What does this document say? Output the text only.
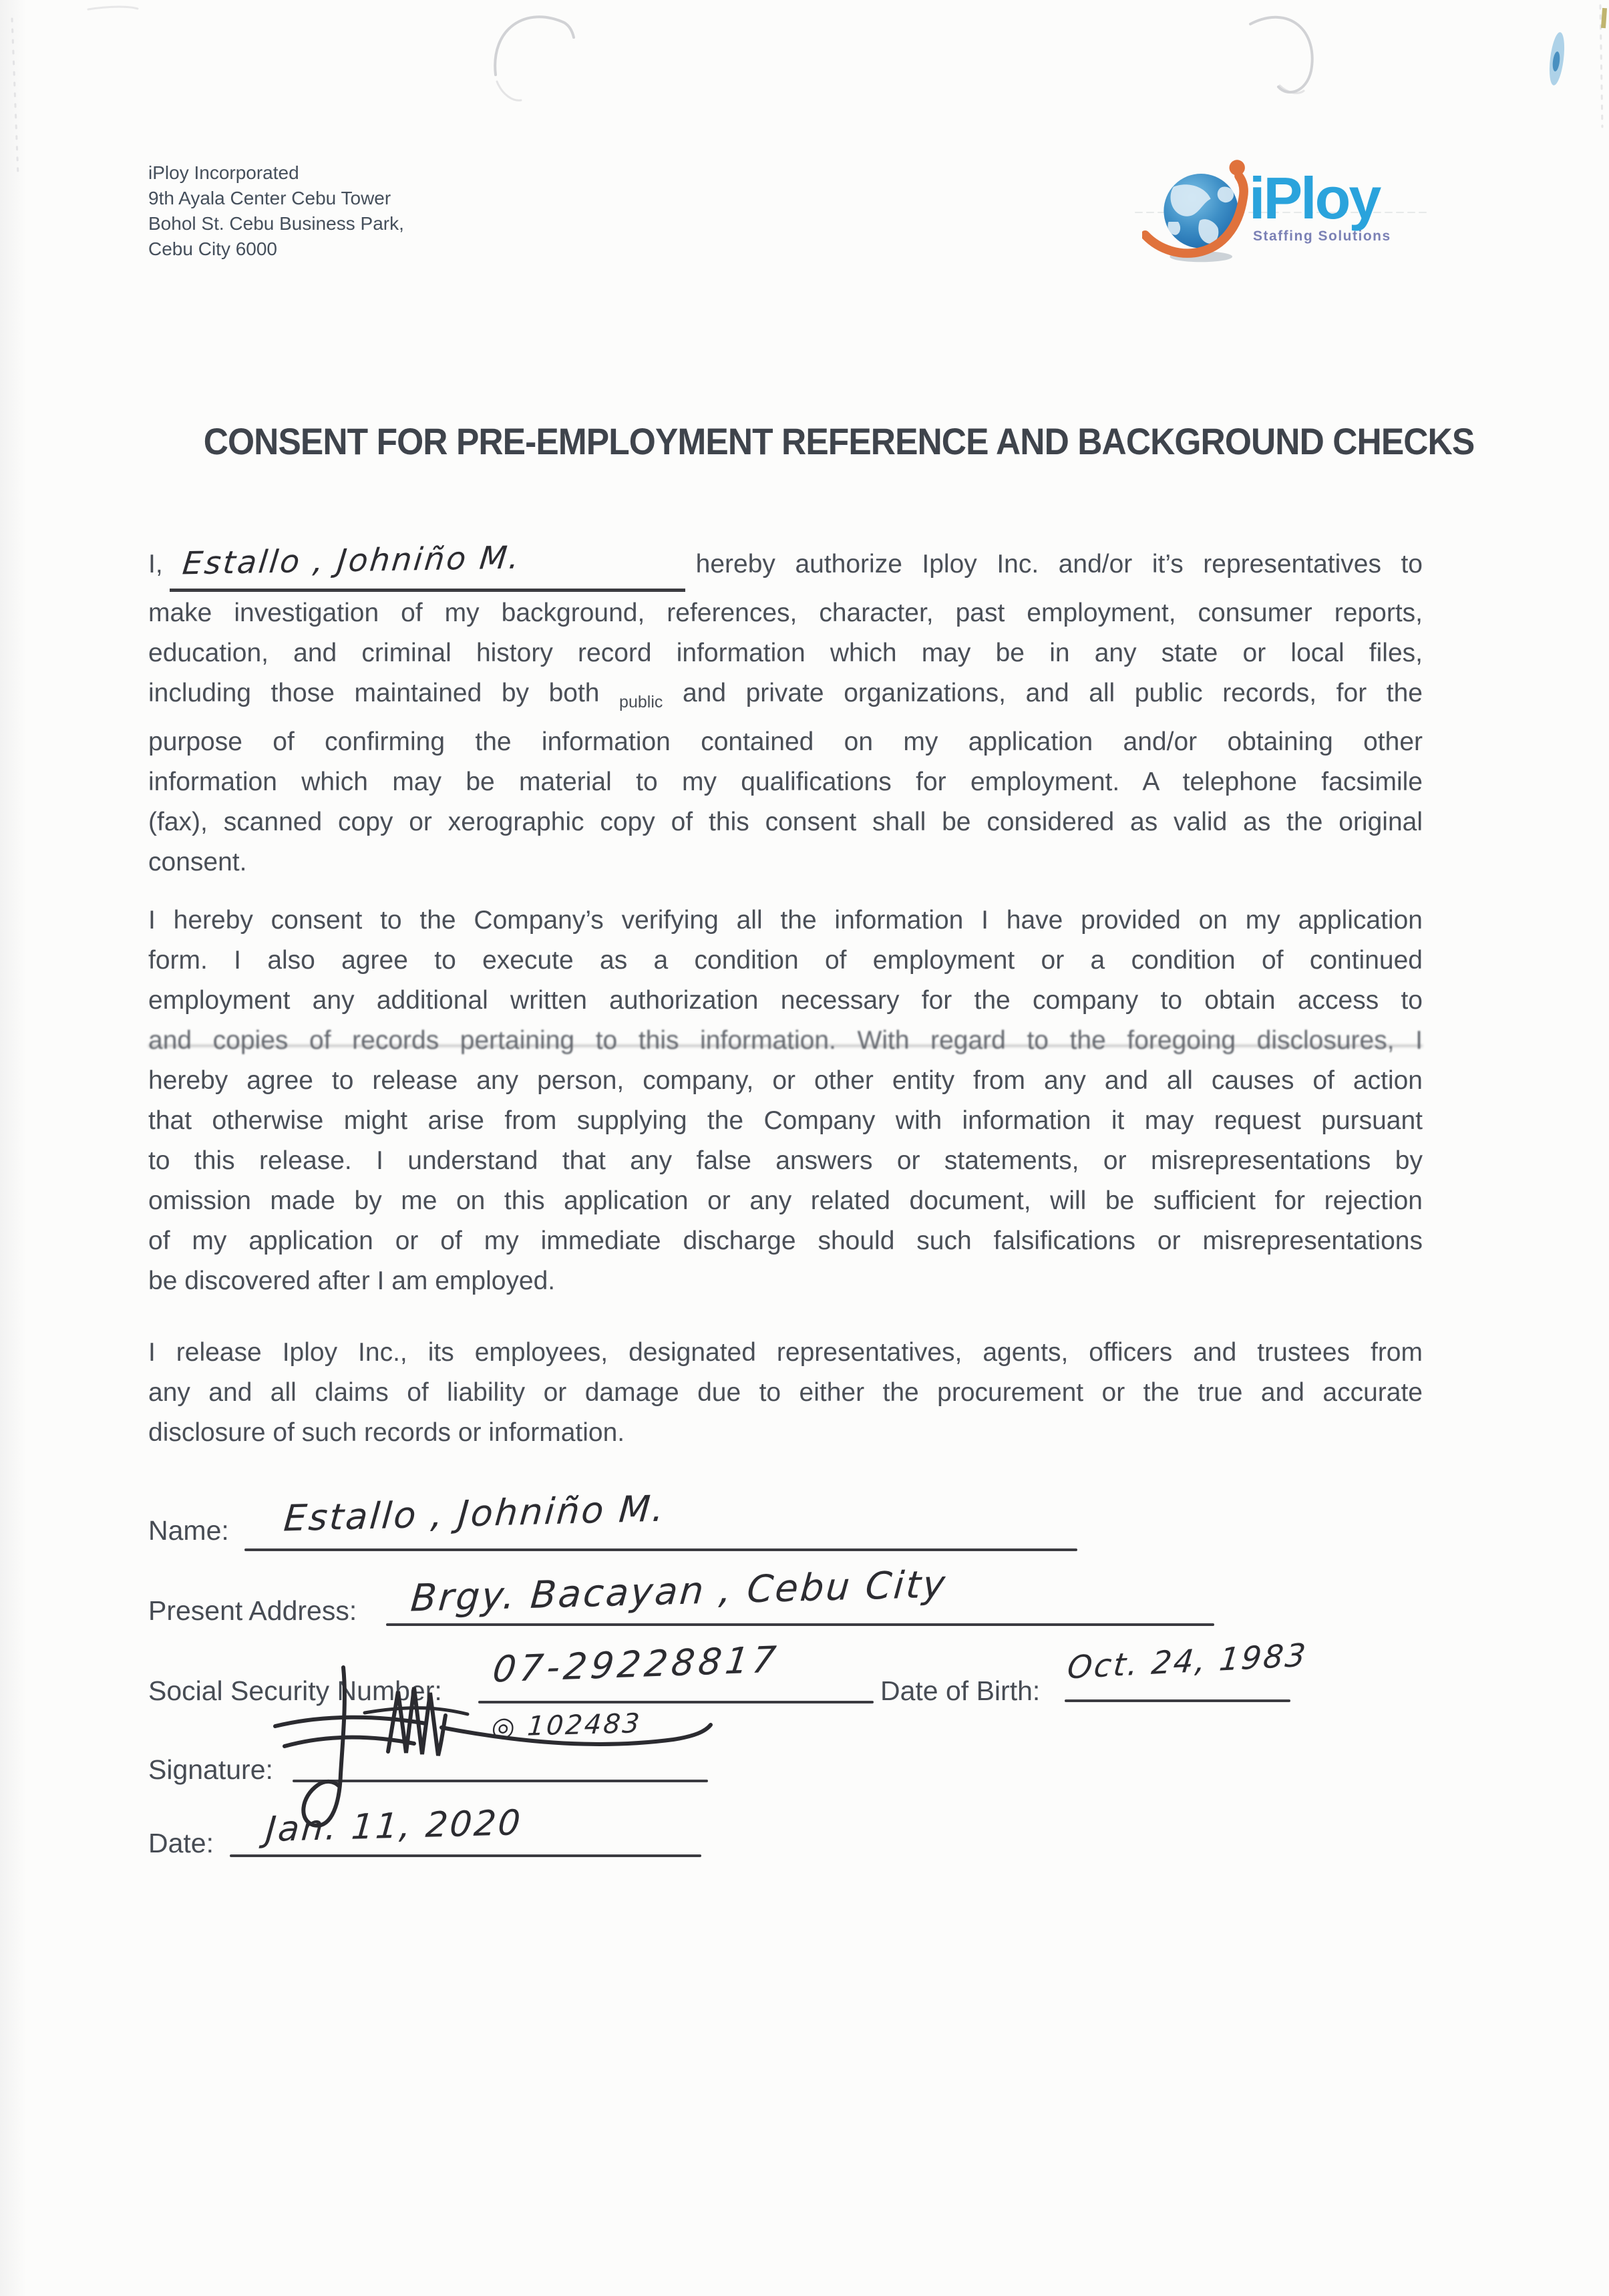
iPloy Incorporated
9th Ayala Center Cebu Tower
Bohol St. Cebu Business Park,
Cebu City 6000
iPloy
Staffing Solutions
CONSENT FOR PRE-EMPLOYMENT REFERENCE AND BACKGROUND CHECKS
I, Estallo , Johniño M.	hereby authorize Iploy Inc. and/or it’s representatives to
make investigation of my background, references, character, past employment, consumer reports,
education, and criminal history record information which may be in any state or local files,
including those maintained by both $_{public}$ and private organizations, and all public records, for the
purpose of confirming the information contained on my application and/or obtaining other
information which may be material to my qualifications for employment. A telephone facsimile
(fax), scanned copy or xerographic copy of this consent shall be considered as valid as the original
consent.
I hereby consent to the Company’s verifying all the information I have provided on my application
form. I also agree to execute as a condition of employment or a condition of continued
employment any additional written authorization necessary for the company to obtain access to
and copies of records pertaining to this information. With regard to the foregoing disclosures, I
hereby agree to release any person, company, or other entity from any and all causes of action
that otherwise might arise from supplying the Company with information it may request pursuant
to this release. I understand that any false answers or statements, or misrepresentations by
omission made by me on this application or any related document, will be sufficient for rejection
of my application or of my immediate discharge should such falsifications or misrepresentations
be discovered after I am employed.
I release Iploy Inc., its employees, designated representatives, agents, officers and trustees from
any and all claims of liability or damage due to either the procurement or the true and accurate
disclosure of such records or information.
Name: Estallo , Johniño M.
Present Address: Brgy. Bacayan , Cebu City
Social Security Number:
07-29228817
Date of Birth:
Oct. 24, 1983
Signature:
◎ 102483
Date: Jan. 11, 2020
